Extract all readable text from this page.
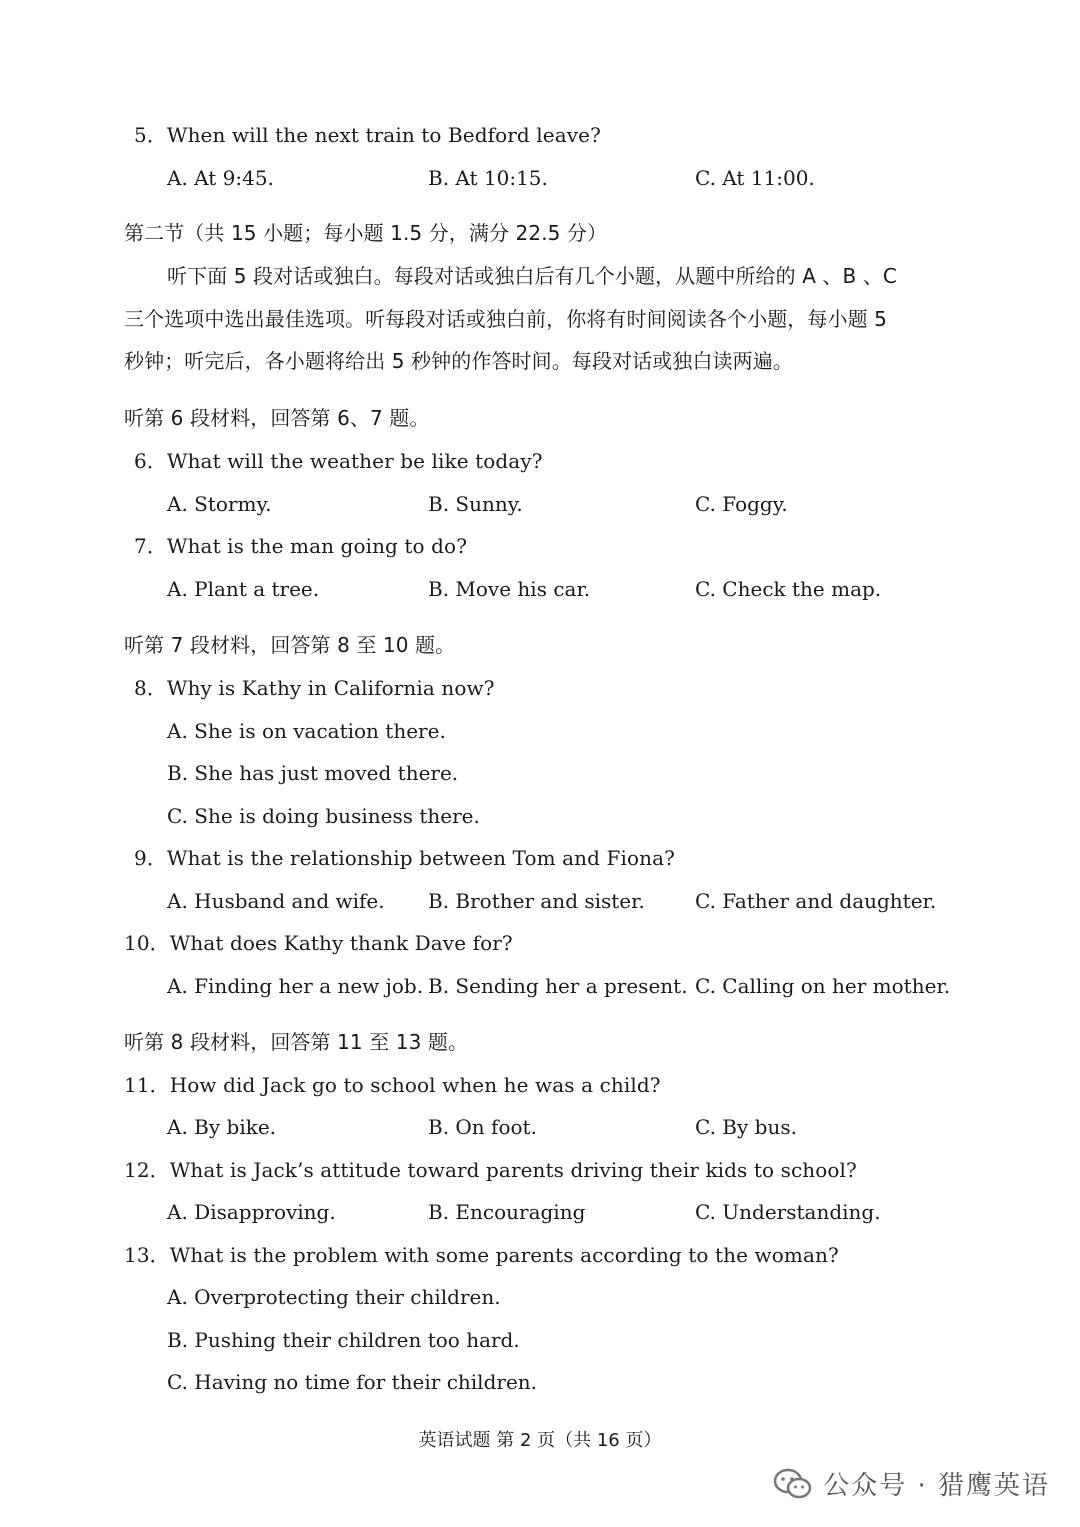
5．When will the next train to Bedford leave?
A. At 9:45.	B. At 10:15.	C. At 11:00.
第二节（共 15 小题；每小题 1.5 分，满分 22.5 分）
听下面 5 段对话或独白。每段对话或独白后有几个小题，从题中所给的 A 、B 、C
三个选项中选出最佳选项。听每段对话或独白前，你将有时间阅读各个小题，每小题 5
秒钟；听完后，各小题将给出 5 秒钟的作答时间。每段对话或独白读两遍。
听第 6 段材料，回答第 6、7 题。
6．What will the weather be like today?
A. Stormy.	B. Sunny.	C. Foggy.
7．What is the man going to do?
A. Plant a tree.	B. Move his car.	C. Check the map.
听第 7 段材料，回答第 8 至 10 题。
8．Why is Kathy in California now?
A. She is on vacation there.
B. She has just moved there.
C. She is doing business there.
9．What is the relationship between Tom and Fiona?
A. Husband and wife. B. Brother and sister.	C. Father and daughter.
10．What does Kathy thank Dave for?
A. Finding her a new job. B. Sending her a present. C. Calling on her mother.
听第 8 段材料，回答第 11 至 13 题。
11．How did Jack go to school when he was a child?
A. By bike.	B. On foot.	C. By bus.
12．What is Jack’s attitude toward parents driving their kids to school?
A. Disapproving.	B. Encouraging	C. Understanding.
13．What is the problem with some parents according to the woman?
A. Overprotecting their children.
B. Pushing their children too hard.
C. Having no time for their children.
英语试题 第 2 页（共 16 页）
公众号 · 猎鹰英语
